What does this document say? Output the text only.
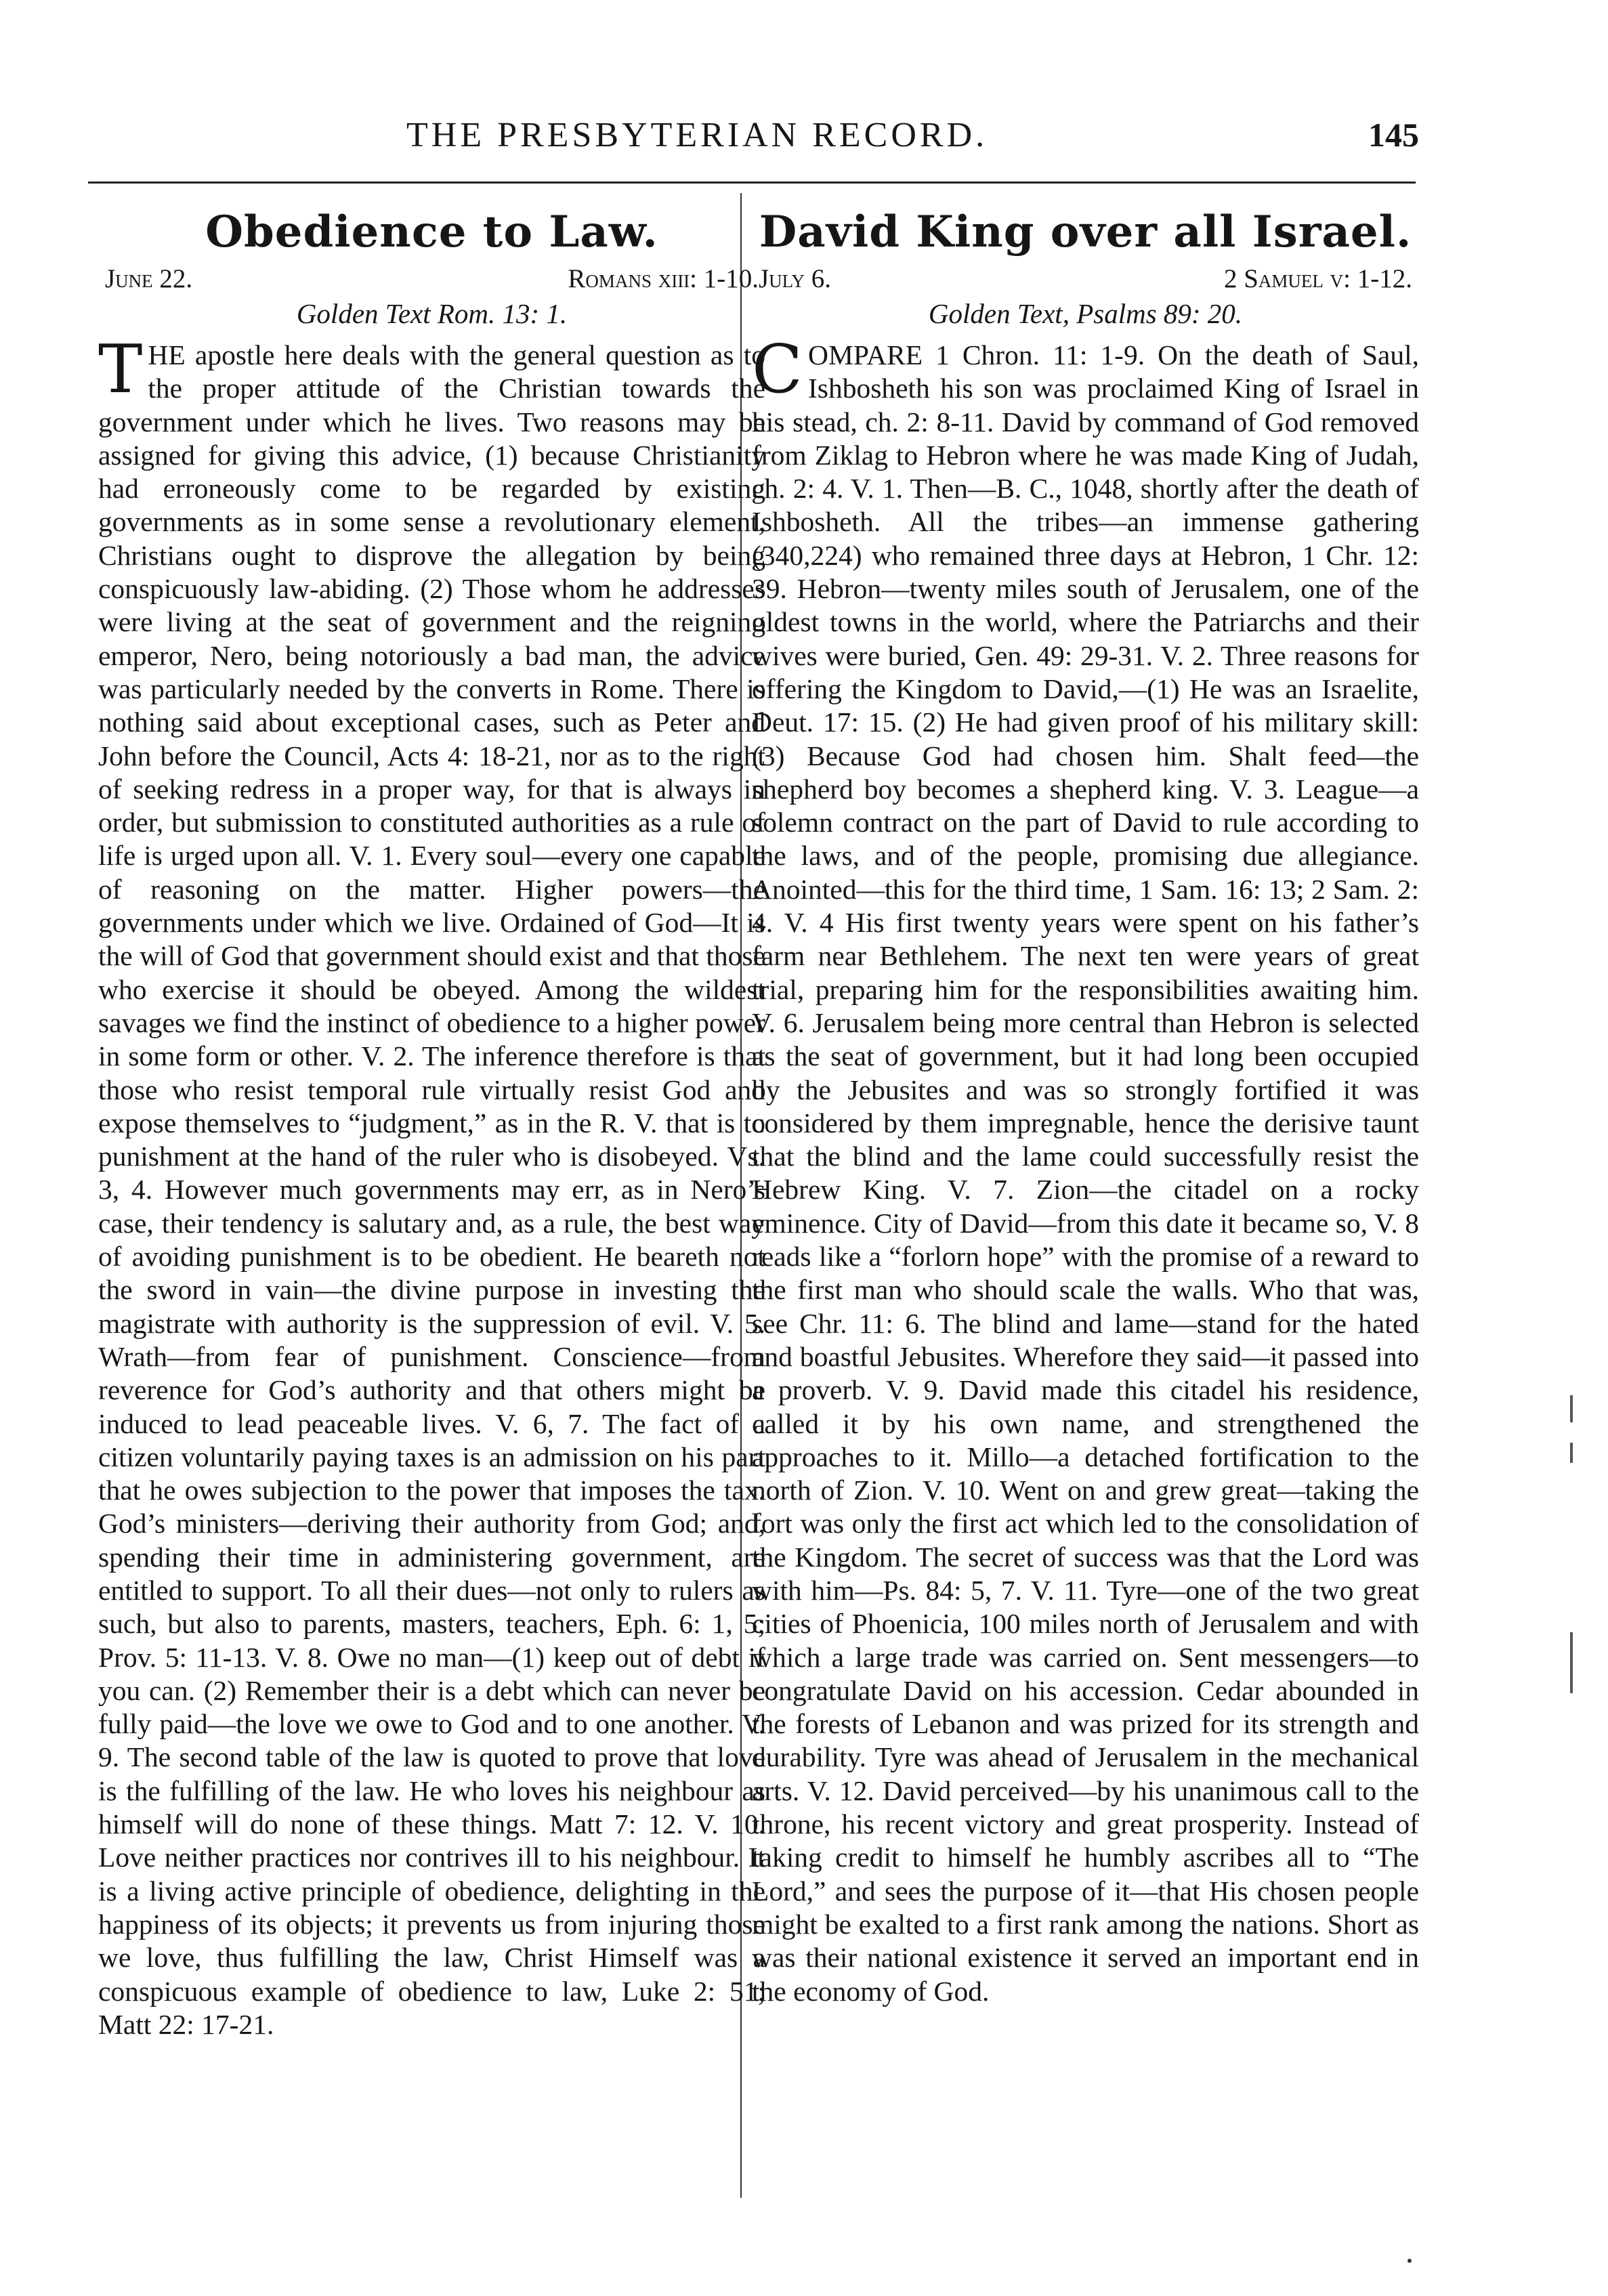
THE PRESBYTERIAN RECORD.	145
Obedience to Law.
June 22.	Romans xiii: 1-10.
Golden Text Rom. 13: 1.

THE apostle here deals with the general question as to the proper attitude of the Christian towards the government under which he lives. Two reasons may be assigned for giving this advice, (1) because Christianity had erroneously come to be regarded by existing governments as in some sense a revolutionary element, Christians ought to disprove the allegation by being conspicuously law-abiding. (2) Those whom he addresses were living at the seat of government and the reigning emperor, Nero, being notoriously a bad man, the advice was particularly needed by the converts in Rome. There is nothing said about exceptional cases, such as Peter and John before the Council, Acts 4: 18-21, nor as to the right of seeking redress in a proper way, for that is always in order, but submission to constituted authorities as a rule of life is urged upon all. V. 1. Every soul—every one capable of reasoning on the matter. Higher powers—the governments under which we live. Ordained of God—It is the will of God that government should exist and that those who exercise it should be obeyed. Among the wildest savages we find the instinct of obedience to a higher power in some form or other. V. 2. The inference therefore is that those who resist temporal rule virtually resist God and expose themselves to “judgment,” as in the R. V. that is to punishment at the hand of the ruler who is disobeyed. Vs. 3, 4. However much governments may err, as in Nero’s case, their tendency is salutary and, as a rule, the best way of avoiding punishment is to be obedient. He beareth not the sword in vain—the divine purpose in investing the magistrate with authority is the suppression of evil. V. 5. Wrath—from fear of punishment. Conscience—from reverence for God’s authority and that others might be induced to lead peaceable lives. V. 6, 7. The fact of a citizen voluntarily paying taxes is an admission on his part that he owes subjection to the power that imposes the tax. God’s ministers—deriving their authority from God; and, spending their time in administering government, are entitled to support. To all their dues—not only to rulers as such, but also to parents, masters, teachers, Eph. 6: 1, 5; Prov. 5: 11-13. V. 8. Owe no man—(1) keep out of debt if you can. (2) Remember their is a debt which can never be fully paid—the love we owe to God and to one another. V. 9. The second table of the law is quoted to prove that love is the fulfilling of the law. He who loves his neighbour as himself will do none of these things. Matt 7: 12. V. 10. Love neither practices nor contrives ill to his neighbour. It is a living active principle of obedience, delighting in the happiness of its objects; it prevents us from injuring those we love, thus fulfilling the law, Christ Himself was a conspicuous example of obedience to law, Luke 2: 51; Matt 22: 17-21.

David King over all Israel.
July 6.	2 Samuel v: 1-12.
Golden Text, Psalms 89: 20.

COMPARE 1 Chron. 11: 1-9. On the death of Saul, Ishbosheth his son was proclaimed King of Israel in his stead, ch. 2: 8-11. David by command of God removed from Ziklag to Hebron where he was made King of Judah, ch. 2: 4. V. 1. Then—B. C., 1048, shortly after the death of Ishbosheth. All the tribes—an immense gathering (340,224) who remained three days at Hebron, 1 Chr. 12: 39. Hebron—twenty miles south of Jerusalem, one of the oldest towns in the world, where the Patriarchs and their wives were buried, Gen. 49: 29-31. V. 2. Three reasons for offering the Kingdom to David,—(1) He was an Israelite, Deut. 17: 15. (2) He had given proof of his military skill: (3) Because God had chosen him. Shalt feed—the shepherd boy becomes a shepherd king. V. 3. League—a solemn contract on the part of David to rule according to the laws, and of the people, promising due allegiance. Anointed—this for the third time, 1 Sam. 16: 13; 2 Sam. 2: 4. V. 4 His first twenty years were spent on his father’s farm near Bethlehem. The next ten were years of great trial, preparing him for the responsibilities awaiting him. V. 6. Jerusalem being more central than Hebron is selected as the seat of government, but it had long been occupied by the Jebusites and was so strongly fortified it was considered by them impregnable, hence the derisive taunt that the blind and the lame could successfully resist the Hebrew King. V. 7. Zion—the citadel on a rocky eminence. City of David—from this date it became so, V. 8 reads like a “forlorn hope” with the promise of a reward to the first man who should scale the walls. Who that was, see Chr. 11: 6. The blind and lame—stand for the hated and boastful Jebusites. Wherefore they said—it passed into a proverb. V. 9. David made this citadel his residence, called it by his own name, and strengthened the approaches to it. Millo—a detached fortification to the north of Zion. V. 10. Went on and grew great—taking the fort was only the first act which led to the consolidation of the Kingdom. The secret of success was that the Lord was with him—Ps. 84: 5, 7. V. 11. Tyre—one of the two great cities of Phoenicia, 100 miles north of Jerusalem and with which a large trade was carried on. Sent messengers—to congratulate David on his accession. Cedar abounded in the forests of Lebanon and was prized for its strength and durability. Tyre was ahead of Jerusalem in the mechanical arts. V. 12. David perceived—by his unanimous call to the throne, his recent victory and great prosperity. Instead of taking credit to himself he humbly ascribes all to “The Lord,” and sees the purpose of it—that His chosen people might be exalted to a first rank among the nations. Short as was their national existence it served an important end in the economy of God.
